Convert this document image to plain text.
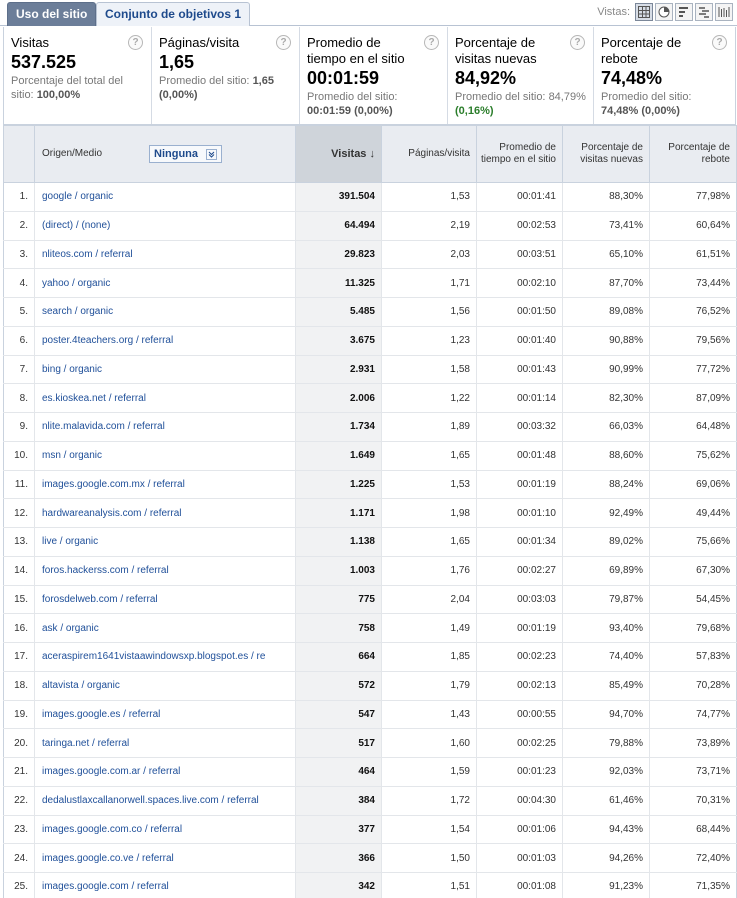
Uso del sitio	Conjunto de objetivos 1	Vistas:
Visitas
537.525
Porcentaje del total del sitio: 100,00%
?	Páginas/visita
1,65
Promedio del sitio: 1,65 (0,00%)
?	Promedio de tiempo en el sitio
00:01:59
Promedio del sitio: 00:01:59 (0,00%)
?	Porcentaje de visitas nuevas
84,92%
Promedio del sitio: 84,79% (0,16%)
?	Porcentaje de rebote
74,48%
Promedio del sitio: 74,48% (0,00%)
?

	Origen/Medio Ninguna	Visitas ↓	Páginas/visita	Promedio de tiempo en el sitio	Porcentaje de visitas nuevas	Porcentaje de rebote
1.	google / organic	391.504	1,53	00:01:41	88,30%	77,98%
2.	(direct) / (none)	64.494	2,19	00:02:53	73,41%	60,64%
3.	nliteos.com / referral	29.823	2,03	00:03:51	65,10%	61,51%
4.	yahoo / organic	11.325	1,71	00:02:10	87,70%	73,44%
5.	search / organic	5.485	1,56	00:01:50	89,08%	76,52%
6.	poster.4teachers.org / referral	3.675	1,23	00:01:40	90,88%	79,56%
7.	bing / organic	2.931	1,58	00:01:43	90,99%	77,72%
8.	es.kioskea.net / referral	2.006	1,22	00:01:14	82,30%	87,09%
9.	nlite.malavida.com / referral	1.734	1,89	00:03:32	66,03%	64,48%
10.	msn / organic	1.649	1,65	00:01:48	88,60%	75,62%
11.	images.google.com.mx / referral	1.225	1,53	00:01:19	88,24%	69,06%
12.	hardwareanalysis.com / referral	1.171	1,98	00:01:10	92,49%	49,44%
13.	live / organic	1.138	1,65	00:01:34	89,02%	75,66%
14.	foros.hackerss.com / referral	1.003	1,76	00:02:27	69,89%	67,30%
15.	forosdelweb.com / referral	775	2,04	00:03:03	79,87%	54,45%
16.	ask / organic	758	1,49	00:01:19	93,40%	79,68%
17.	aceraspirem1641vistaawindowsxp.blogspot.es / re	664	1,85	00:02:23	74,40%	57,83%
18.	altavista / organic	572	1,79	00:02:13	85,49%	70,28%
19.	images.google.es / referral	547	1,43	00:00:55	94,70%	74,77%
20.	taringa.net / referral	517	1,60	00:02:25	79,88%	73,89%
21.	images.google.com.ar / referral	464	1,59	00:01:23	92,03%	73,71%
22.	dedalustlaxcallanorwell.spaces.live.com / referral	384	1,72	00:04:30	61,46%	70,31%
23.	images.google.com.co / referral	377	1,54	00:01:06	94,43%	68,44%
24.	images.google.co.ve / referral	366	1,50	00:01:03	94,26%	72,40%
25.	images.google.com / referral	342	1,51	00:01:08	91,23%	71,35%
